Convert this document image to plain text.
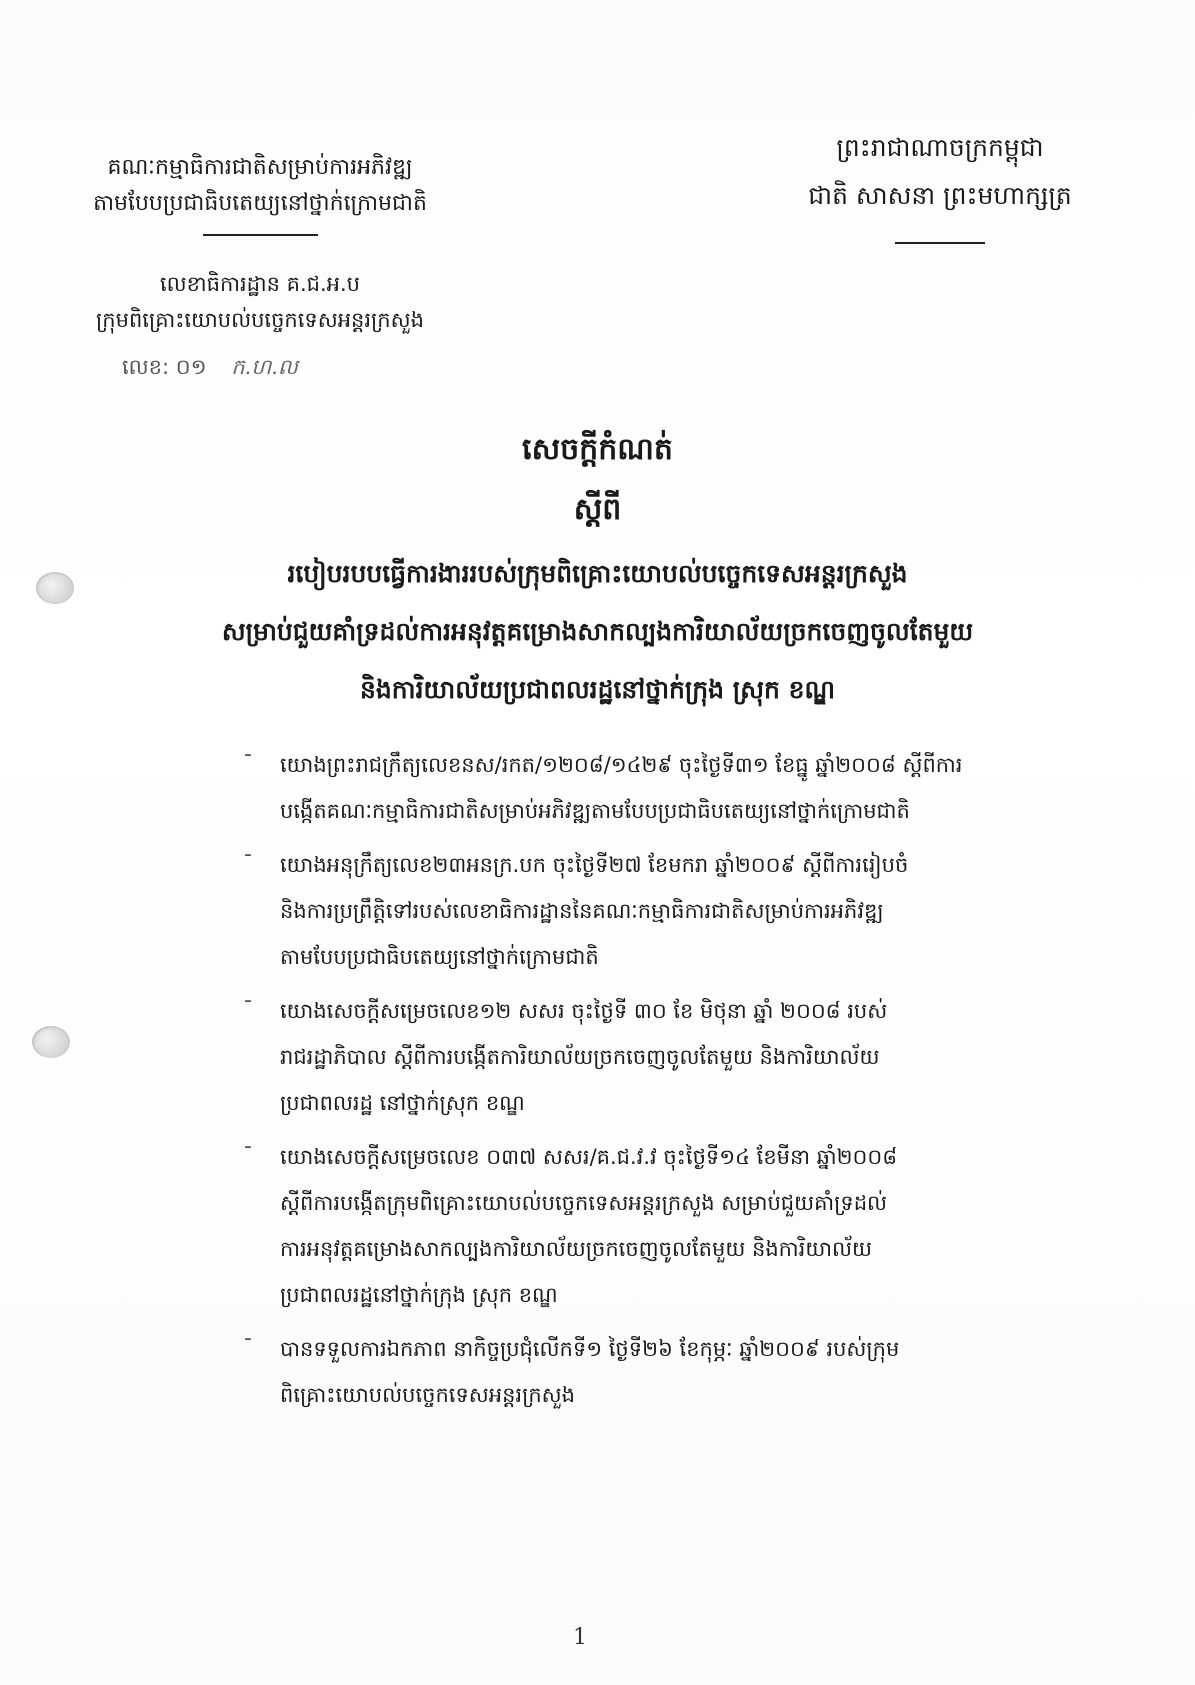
គណៈកម្មាធិការជាតិសម្រាប់ការអភិវឌ្ឍ
តាមបែបប្រជាធិបតេយ្យនៅថ្នាក់ក្រោមជាតិ
លេខាធិការដ្ឋាន គ.ជ.អ.ប
ក្រុមពិគ្រោះយោបល់បច្ចេកទេសអន្តរក្រសួង
លេខ: ០១ ក.ហ.ល
ព្រះរាជាណាចក្រកម្ពុជា
ជាតិ សាសនា ព្រះមហាក្សត្រ
សេចក្តីកំណត់
ស្តីពី
របៀបរបបធ្វើការងាររបស់ក្រុមពិគ្រោះយោបល់បច្ចេកទេសអន្តរក្រសួង
សម្រាប់ជួយគាំទ្រដល់ការអនុវត្តគម្រោងសាកល្បងការិយាល័យច្រកចេញចូលតែមួយ
និងការិយាល័យប្រជាពលរដ្ឋនៅថ្នាក់ក្រុង ស្រុក ខណ្ឌ
- យោងព្រះរាជក្រឹត្យលេខនស/រកត/១២០៨/១៤២៩ ចុះថ្ងៃទី៣១ ខែធ្នូ ឆ្នាំ២០០៨ ស្តីពីការ
បង្កើតគណៈកម្មាធិការជាតិសម្រាប់អភិវឌ្ឍតាមបែបប្រជាធិបតេយ្យនៅថ្នាក់ក្រោមជាតិ
- យោងអនុក្រឹត្យលេខ២៣អនក្រ.បក ចុះថ្ងៃទី២៧ ខែមករា ឆ្នាំ២០០៩ ស្តីពីការរៀបចំ
និងការប្រព្រឹត្តិទៅរបស់លេខាធិការដ្ឋាននៃគណៈកម្មាធិការជាតិសម្រាប់ការអភិវឌ្ឍ
តាមបែបប្រជាធិបតេយ្យនៅថ្នាក់ក្រោមជាតិ
- យោងសេចក្តីសម្រេចលេខ១២ សសរ ចុះថ្ងៃទី ៣០ ខែ មិថុនា ឆ្នាំ ២០០៨ របស់
រាជរដ្ឋាភិបាល ស្តីពីការបង្កើតការិយាល័យច្រកចេញចូលតែមួយ និងការិយាល័យ
ប្រជាពលរដ្ឋ នៅថ្នាក់ស្រុក ខណ្ឌ
- យោងសេចក្តីសម្រេចលេខ ០៣៧ សសរ/គ.ជ.វ.វ ចុះថ្ងៃទី១៤ ខែមីនា ឆ្នាំ២០០៨
ស្តីពីការបង្កើតក្រុមពិគ្រោះយោបល់បច្ចេកទេសអន្តរក្រសួង សម្រាប់ជួយគាំទ្រដល់
ការអនុវត្តគម្រោងសាកល្បងការិយាល័យច្រកចេញចូលតែមួយ និងការិយាល័យ
ប្រជាពលរដ្ឋនៅថ្នាក់ក្រុង ស្រុក ខណ្ឌ
- បានទទួលការឯកភាព នាកិច្ចប្រជុំលើកទី១ ថ្ងៃទី២៦ ខែកុម្ភៈ ឆ្នាំ២០០៩ របស់ក្រុម
ពិគ្រោះយោបល់បច្ចេកទេសអន្តរក្រសួង
1
